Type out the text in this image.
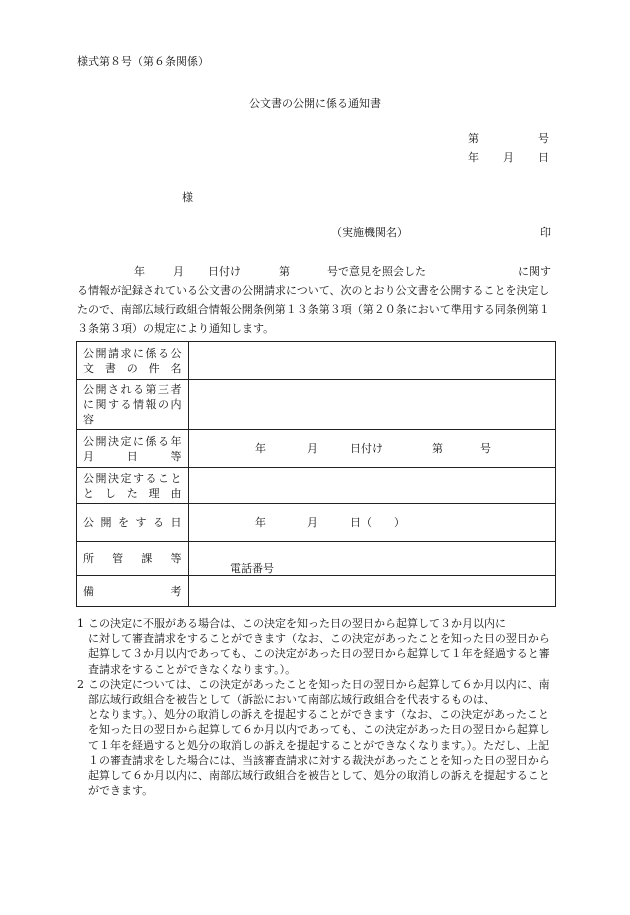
様式第８号（第６条関係）
公文書の公開に係る通知書
第	号
年 月 日
様
（実施機関名）	印
年	月 日付け	第	号で意見を照会した	に関す
る情報が記録されている公文書の公開請求について、次のとおり公文書を公開することを決定したので、南部広域行政組合情報公開条例第１３条第３項（第２０条において準用する同条例第１３条第３項）の規定により通知します。
公開請求に係る公文書の件名	
公開される第三者に関する情報の内容	
公開決定に係る年月日等	年 月 日付け 第 号

公開決定することとした理由	
公開をする日	年 月 日（　　）

所管課等	電話番号

備考	

1 この決定に不服がある場合は、この決定を知った日の翌日から起算して３か月以内に　　　　　　　　　に対して審査請求をすることができます（なお、この決定があったことを知った日の翌日から起算して３か月以内であっても、この決定があった日の翌日から起算して１年を経過すると審査請求をすることができなくなります。）。

2 この決定については、この決定があったことを知った日の翌日から起算して６か月以内に、南部広域行政組合を被告として（訴訟において南部広域行政組合を代表するものは、　　　　　　　　　となります。）、処分の取消しの訴えを提起することができます（なお、この決定があったことを知った日の翌日から起算して６か月以内であっても、この決定があった日の翌日から起算して１年を経過すると処分の取消しの訴えを提起することができなくなります。）。ただし、上記１の審査請求をした場合には、当該審査請求に対する裁決があったことを知った日の翌日から起算して６か月以内に、南部広域行政組合を被告として、処分の取消しの訴えを提起することができます。
